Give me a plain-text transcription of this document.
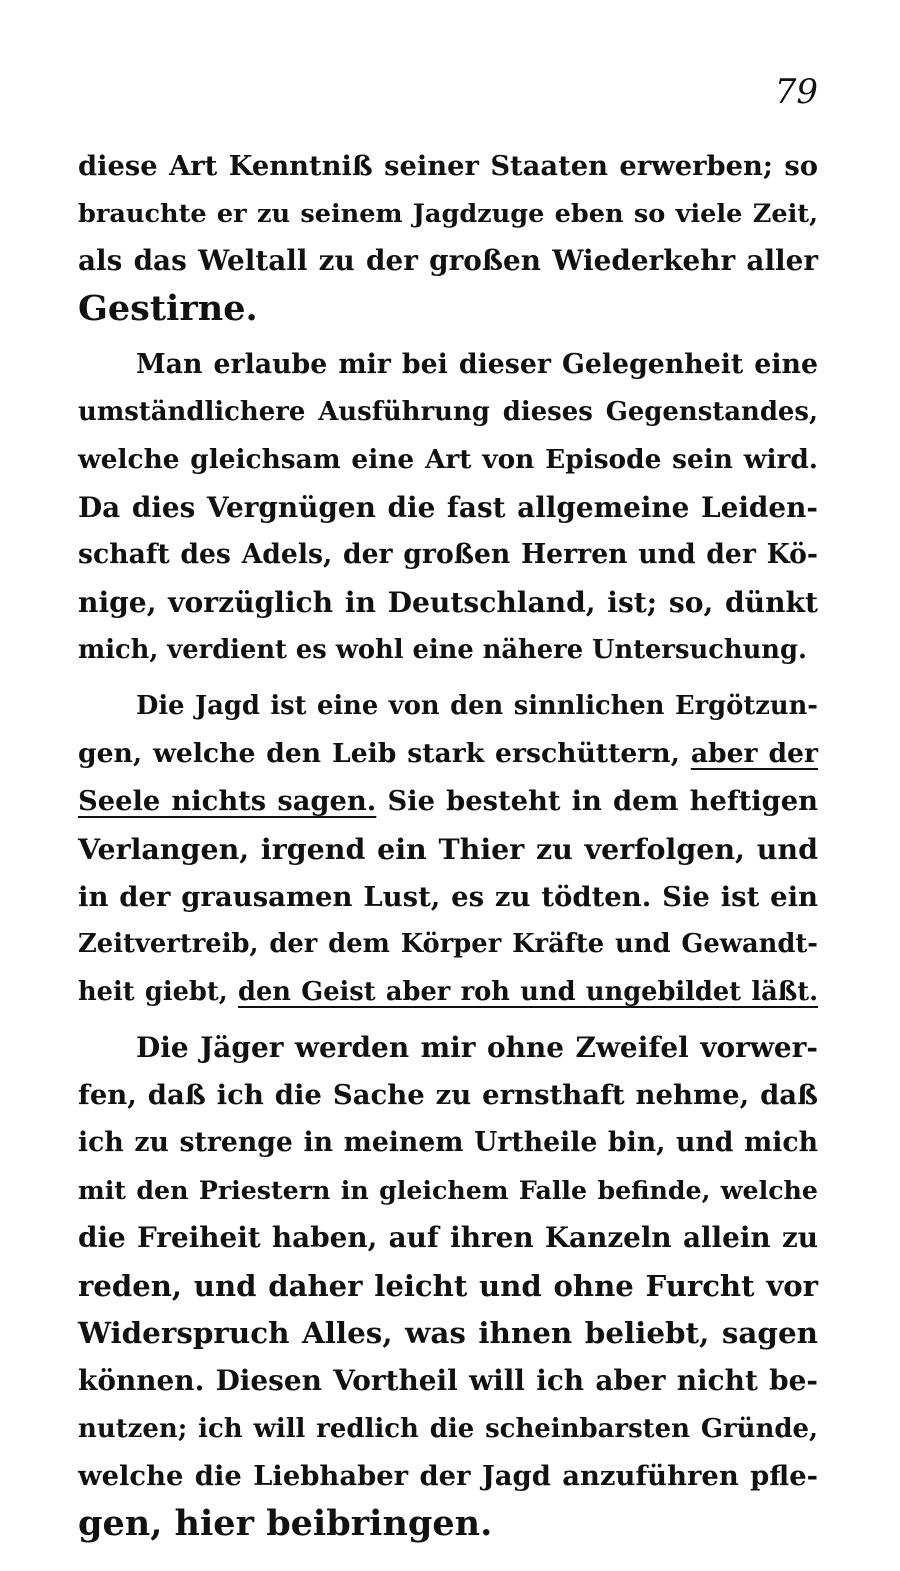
79
diese Art Kenntniß seiner Staaten erwerben; so
brauchte er zu seinem Jagdzuge eben so viele Zeit,
als das Weltall zu der großen Wiederkehr aller
Gestirne.
Man erlaube mir bei dieser Gelegenheit eine
umständlichere Ausführung dieses Gegenstandes,
welche gleichsam eine Art von Episode sein wird.
Da dies Vergnügen die fast allgemeine Leiden-
schaft des Adels, der großen Herren und der Kö-
nige, vorzüglich in Deutschland, ist; so, dünkt
mich, verdient es wohl eine nähere Untersuchung.
Die Jagd ist eine von den sinnlichen Ergötzun-
gen, welche den Leib stark erschüttern, aber der
Seele nichts sagen. Sie besteht in dem heftigen
Verlangen, irgend ein Thier zu verfolgen, und
in der grausamen Lust, es zu tödten. Sie ist ein
Zeitvertreib, der dem Körper Kräfte und Gewandt-
heit giebt, den Geist aber roh und ungebildet läßt.
Die Jäger werden mir ohne Zweifel vorwer-
fen, daß ich die Sache zu ernsthaft nehme, daß
ich zu strenge in meinem Urtheile bin, und mich
mit den Priestern in gleichem Falle befinde, welche
die Freiheit haben, auf ihren Kanzeln allein zu
reden, und daher leicht und ohne Furcht vor
Widerspruch Alles, was ihnen beliebt, sagen
können. Diesen Vortheil will ich aber nicht be-
nutzen; ich will redlich die scheinbarsten Gründe,
welche die Liebhaber der Jagd anzuführen pfle-
gen, hier beibringen.
